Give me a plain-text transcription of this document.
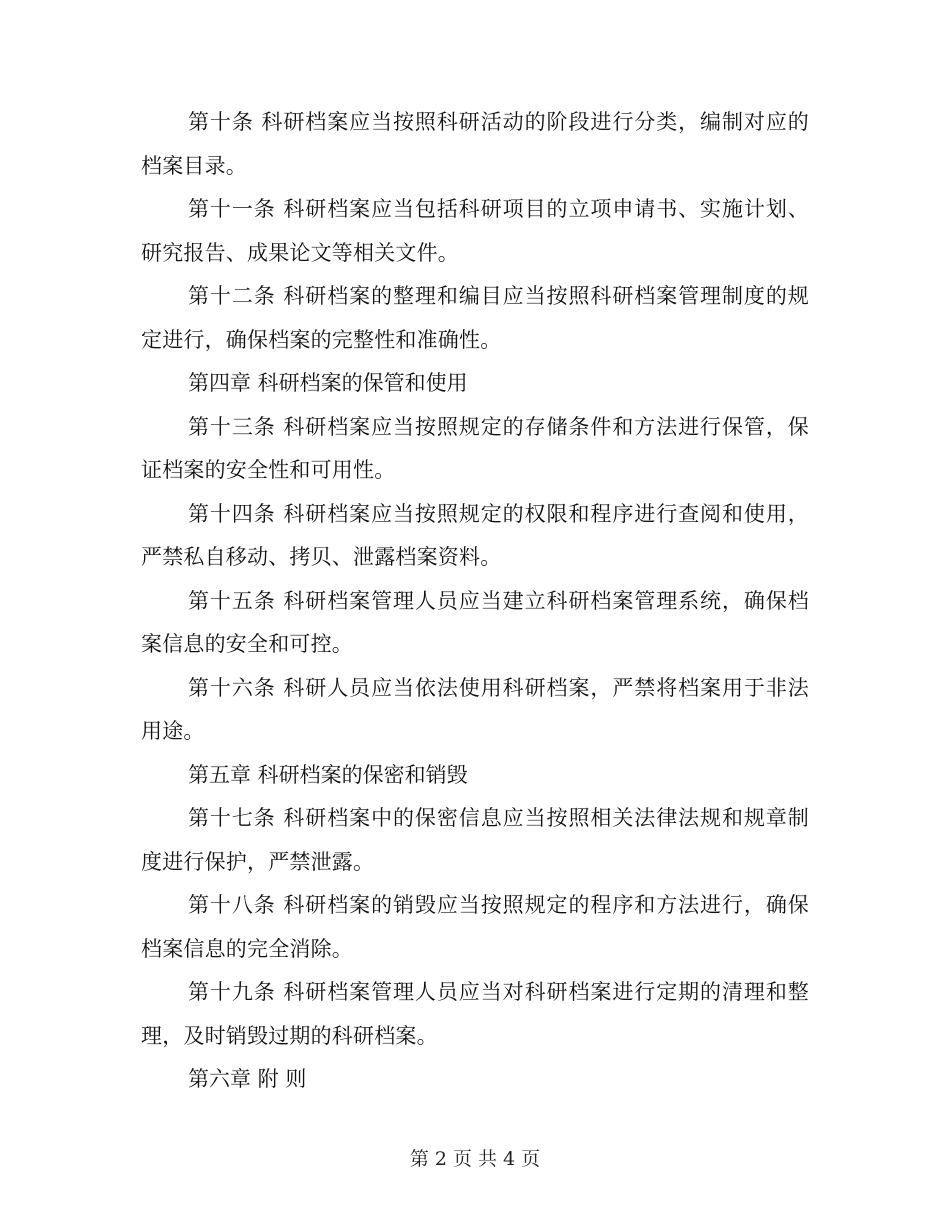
第十条 科研档案应当按照科研活动的阶段进行分类，编制对应的档案目录。

第十一条 科研档案应当包括科研项目的立项申请书、实施计划、研究报告、成果论文等相关文件。

第十二条 科研档案的整理和编目应当按照科研档案管理制度的规定进行，确保档案的完整性和准确性。

第四章 科研档案的保管和使用

第十三条 科研档案应当按照规定的存储条件和方法进行保管，保证档案的安全性和可用性。

第十四条 科研档案应当按照规定的权限和程序进行查阅和使用，严禁私自移动、拷贝、泄露档案资料。

第十五条 科研档案管理人员应当建立科研档案管理系统，确保档案信息的安全和可控。

第十六条 科研人员应当依法使用科研档案，严禁将档案用于非法用途。

第五章 科研档案的保密和销毁

第十七条 科研档案中的保密信息应当按照相关法律法规和规章制度进行保护，严禁泄露。

第十八条 科研档案的销毁应当按照规定的程序和方法进行，确保档案信息的完全消除。

第十九条 科研档案管理人员应当对科研档案进行定期的清理和整理，及时销毁过期的科研档案。

第六章 附 则

第 2 页 共 4 页
